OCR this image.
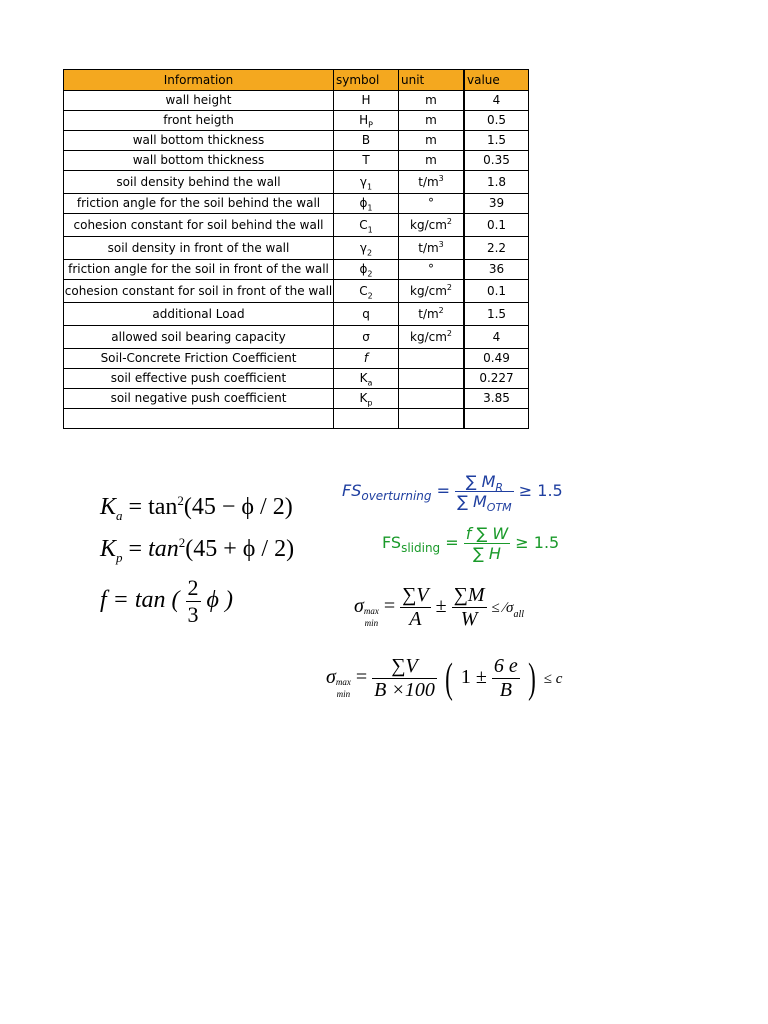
Information	symbol	unit	value
wall height	H	m	4
front heigth	$H_P$	m	0.5
wall bottom thickness	B	m	1.5
wall bottom thickness	T	m	0.35
soil density behind the wall	$\gamma_1$	$t/m^3$	1.8
friction angle for the soil behind the wall	$\phi_1$	°	39
cohesion constant for soil behind the wall	$C_1$	$kg/cm^2$	0.1
soil density in front of the wall	$\gamma_2$	$t/m^3$	2.2
friction angle for the soil in front of the wall	$\phi_2$	°	36
cohesion constant for soil in front of the wall	$C_2$	$kg/cm^2$	0.1
additional Load	q	$t/m^2$	1.5
allowed soil bearing capacity	σ	$kg/cm^2$	4
Soil-Concrete Friction Coefficient	f		0.49
soil effective push coefficient	$K_a$		0.227
soil negative push coefficient	$K_p$		3.85

$K_a = \tan^2(45 - \phi / 2)$
$K_p = \tan^2(45 + \phi / 2)$
f = tan ( $\frac{2}{3}$ ϕ )
$FS_{overturning} = \frac{\sum M_R}{\sum M_{OTM}} \ge 1.5$
$FS_{sliding} = \frac{f \sum W}{\sum H} \ge 1.5$
σ max
min
= $\frac{\sum V}{A} \pm \frac{\sum M}{W}$ ≤ $∕\sigma_{all}$
σ max
min
= $\frac{\sum V}{B \times 100}$ ( $1 \pm \frac{6 e}{B}$ ) ≤ c
